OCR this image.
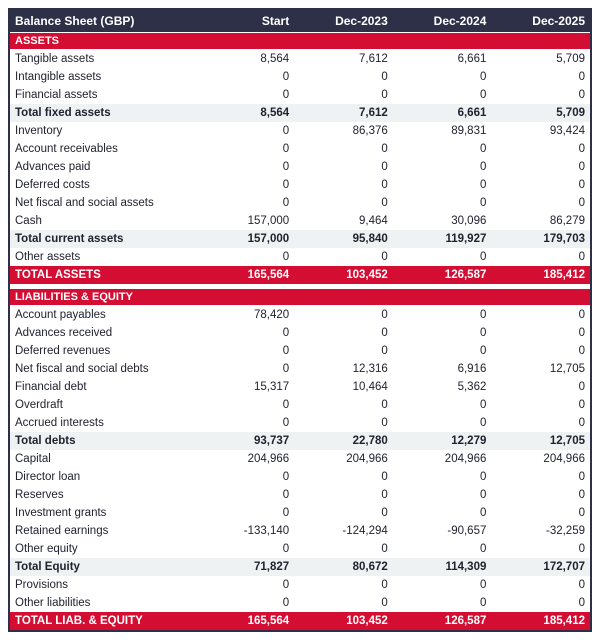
Balance Sheet (GBP)	Start	Dec-2023	Dec-2024	Dec-2025
ASSETS				
Tangible assets	8,564	7,612	6,661	5,709
Intangible assets	0	0	0	0
Financial assets	0	0	0	0
Total fixed assets	8,564	7,612	6,661	5,709
Inventory	0	86,376	89,831	93,424
Account receivables	0	0	0	0
Advances paid	0	0	0	0
Deferred costs	0	0	0	0
Net fiscal and social assets	0	0	0	0
Cash	157,000	9,464	30,096	86,279
Total current assets	157,000	95,840	119,927	179,703
Other assets	0	0	0	0
TOTAL ASSETS	165,564	103,452	126,587	185,412

LIABILITIES & EQUITY				
Account payables	78,420	0	0	0
Advances received	0	0	0	0
Deferred revenues	0	0	0	0
Net fiscal and social debts	0	12,316	6,916	12,705
Financial debt	15,317	10,464	5,362	0
Overdraft	0	0	0	0
Accrued interests	0	0	0	0
Total debts	93,737	22,780	12,279	12,705
Capital	204,966	204,966	204,966	204,966
Director loan	0	0	0	0
Reserves	0	0	0	0
Investment grants	0	0	0	0
Retained earnings	-133,140	-124,294	-90,657	-32,259
Other equity	0	0	0	0
Total Equity	71,827	80,672	114,309	172,707
Provisions	0	0	0	0
Other liabilities	0	0	0	0
TOTAL LIAB. & EQUITY	165,564	103,452	126,587	185,412
